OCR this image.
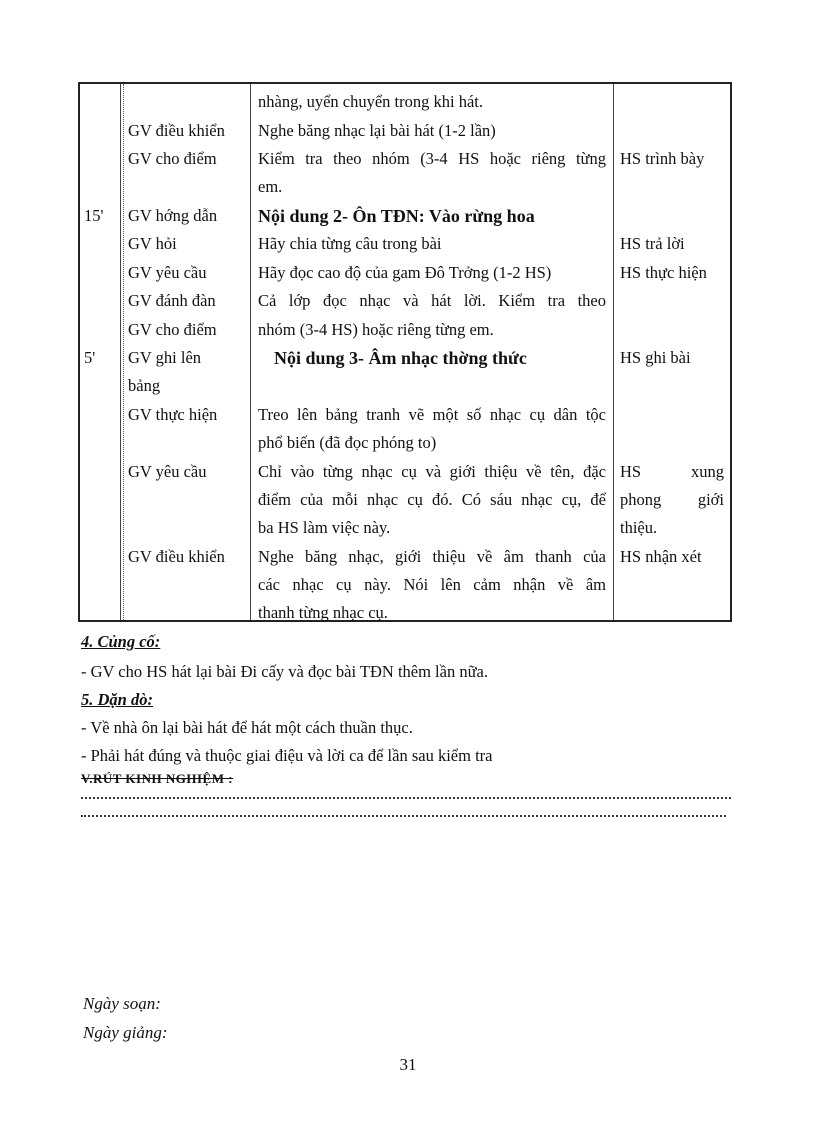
15'
5'
GV điều khiển
GV cho điểm
GV hớng dẫn
GV hỏi
GV yêu cầu
GV đánh đàn
GV cho điểm
GV ghi lên
bảng
GV thực hiện
GV yêu cầu
GV điều khiển
nhàng, uyển chuyển trong khi hát.
Nghe băng nhạc lại bài hát (1-2 lần)
Kiểm tra theo nhóm (3-4 HS hoặc riêng từng
em.
Nội dung 2- Ôn TĐN: Vào rừng hoa
Hãy chia từng câu trong bài
Hãy đọc cao độ của gam Đô Trởng (1-2 HS)
Cả lớp đọc nhạc và hát lời. Kiểm tra theo
nhóm (3-4 HS) hoặc riêng từng em.
Nội dung 3- Âm nhạc thờng thức
Treo lên bảng tranh vẽ một số nhạc cụ dân tộc
phổ biến (đã đọc phóng to)
Chỉ vào từng nhạc cụ và giới thiệu về tên, đặc
điểm của mỗi nhạc cụ đó. Có sáu nhạc cụ, để
ba HS làm việc này.
Nghe băng nhạc, giới thiệu về âm thanh của
các nhạc cụ này. Nói lên cảm nhận về âm
thanh từng nhạc cụ.
HS trình bày
HS trả lời
HS thực hiện
HS ghi bài
HS xung
phong giới
thiệu.
HS nhận xét
4. Củng cố:
- GV cho HS hát lại bài Đi cấy và đọc bài TĐN thêm lần nữa.
5. Dặn dò:
- Về nhà ôn lại bài hát để hát một cách thuần thục.
- Phải hát đúng và thuộc giai điệu và lời ca để lần sau kiểm tra
V.RÚT KINH NGHIỆM :
Ngày soạn:
Ngày giảng:
31
